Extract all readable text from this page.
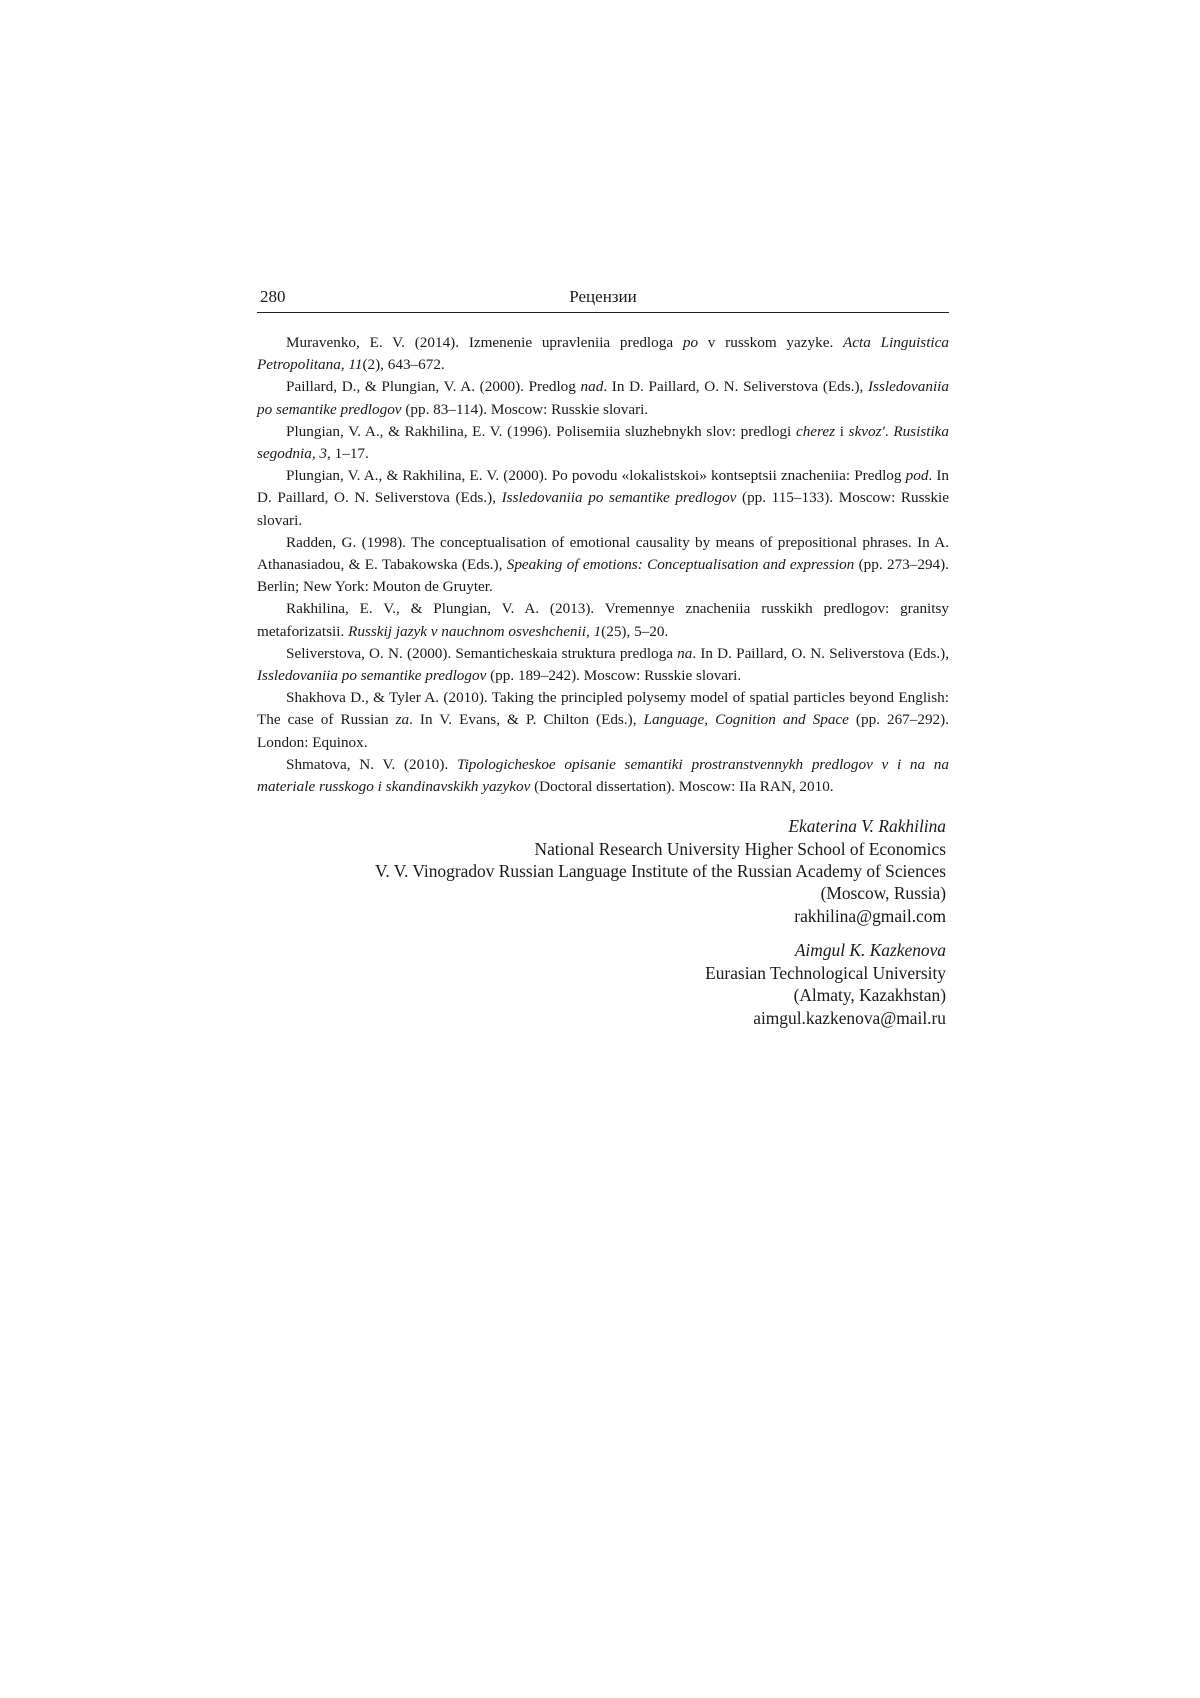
280	Рецензии

Muravenko, E. V. (2014). Izmenenie upravleniia predloga po v russkom yazyke. Acta Linguistica Petropolitana, 11(2), 643–672.

Paillard, D., & Plungian, V. A. (2000). Predlog nad. In D. Paillard, O. N. Seliverstova (Eds.), Issledovaniia po semantike predlogov (pp. 83–114). Moscow: Russkie slovari.

Plungian, V. A., & Rakhilina, E. V. (1996). Polisemiia sluzhebnykh slov: predlogi cherez i skvoz'. Rusistika segodnia, 3, 1–17.

Plungian, V. A., & Rakhilina, E. V. (2000). Po povodu «lokalistskoi» kontseptsii znacheniia: Predlog pod. In D. Paillard, O. N. Seliverstova (Eds.), Issledovaniia po semantike predlogov (pp. 115–133). Moscow: Russkie slovari.

Radden, G. (1998). The conceptualisation of emotional causality by means of prepositional phrases. In A. Athanasiadou, & E. Tabakowska (Eds.), Speaking of emotions: Conceptualisation and expression (pp. 273–294). Berlin; New York: Mouton de Gruyter.

Rakhilina, E. V., & Plungian, V. A. (2013). Vremennye znacheniia russkikh predlogov: granitsy metaforizatsii. Russkij jazyk v nauchnom osveshchenii, 1(25), 5–20.

Seliverstova, O. N. (2000). Semanticheskaia struktura predloga na. In D. Paillard, O. N. Seliverstova (Eds.), Issledovaniia po semantike predlogov (pp. 189–242). Moscow: Russkie slovari.

Shakhova D., & Tyler A. (2010). Taking the principled polysemy model of spatial particles beyond English: The case of Russian za. In V. Evans, & P. Chilton (Eds.), Language, Cognition and Space (pp. 267–292). London: Equinox.

Shmatova, N. V. (2010). Tipologicheskoe opisanie semantiki prostranstvennykh predlogov v i na na materiale russkogo i skandinavskikh yazykov (Doctoral dissertation). Moscow: IIa RAN, 2010.

Ekaterina V. Rakhilina
National Research University Higher School of Economics
V. V. Vinogradov Russian Language Institute of the Russian Academy of Sciences
(Moscow, Russia)
rakhilina@gmail.com
Aimgul K. Kazkenova
Eurasian Technological University
(Almaty, Kazakhstan)
aimgul.kazkenova@mail.ru
